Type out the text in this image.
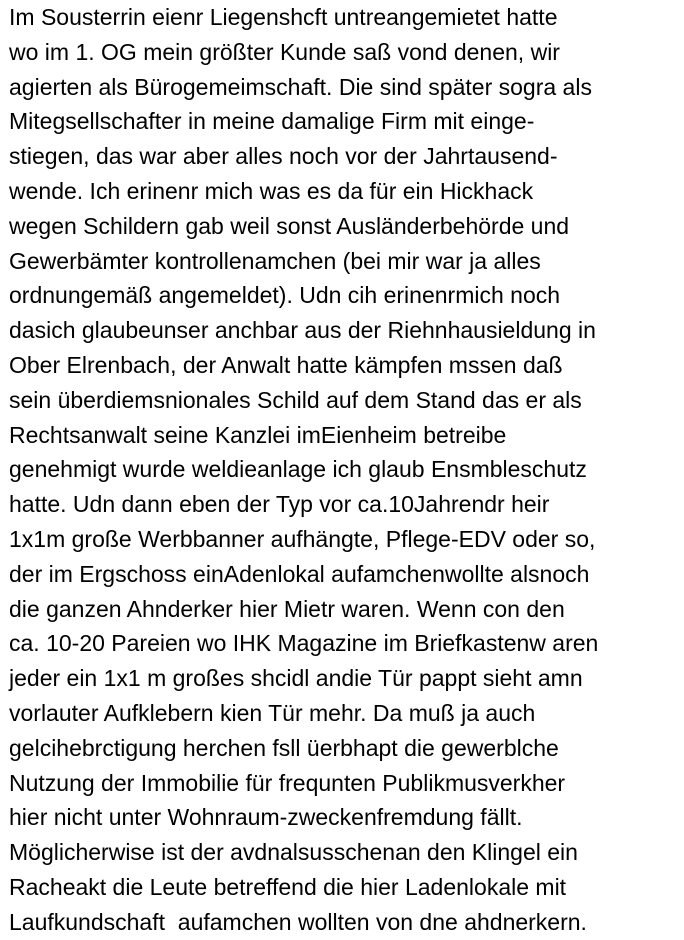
Im Sousterrin eienr Liegenshcft untreangemietet hatte
wo im 1. OG mein größter Kunde saß vond denen, wir
agierten als Bürogemeimschaft. Die sind später sogra als
Mitegsellschafter in meine damalige Firm mit einge-
stiegen, das war aber alles noch vor der Jahrtausend-
wende. Ich erinenr mich was es da für ein Hickhack
wegen Schildern gab weil sonst Ausländerbehörde und
Gewerbämter kontrollenamchen (bei mir war ja alles
ordnungemäß angemeldet). Udn cih erinenrmich noch
dasich glaubeunser anchbar aus der Riehnhausieldung in
Ober Elrenbach, der Anwalt hatte kämpfen mssen daß
sein überdiemsnionales Schild auf dem Stand das er als
Rechtsanwalt seine Kanzlei imEienheim betreibe
genehmigt wurde weldieanlage ich glaub Ensmbleschutz
hatte. Udn dann eben der Typ vor ca.10Jahrendr heir
1x1m große Werbbanner aufhängte, Pflege-EDV oder so,
der im Ergschoss einAdenlokal aufamchenwollte alsnoch
die ganzen Ahnderker hier Mietr waren. Wenn con den
ca. 10-20 Pareien wo IHK Magazine im Briefkastenw aren
jeder ein 1x1 m großes shcidl andie Tür pappt sieht amn
vorlauter Aufklebern kien Tür mehr. Da muß ja auch
gelcihebrctigung herchen fsll üerbhapt die gewerblche
Nutzung der Immobilie für frequnten Publikmusverkher
hier nicht unter Wohnraum-zweckenfremdung fällt.
Möglicherwise ist der avdnalsusschenan den Klingel ein
Racheakt die Leute betreffend die hier Ladenlokale mit
Laufkundschaft  aufamchen wollten von dne ahdnerkern.
